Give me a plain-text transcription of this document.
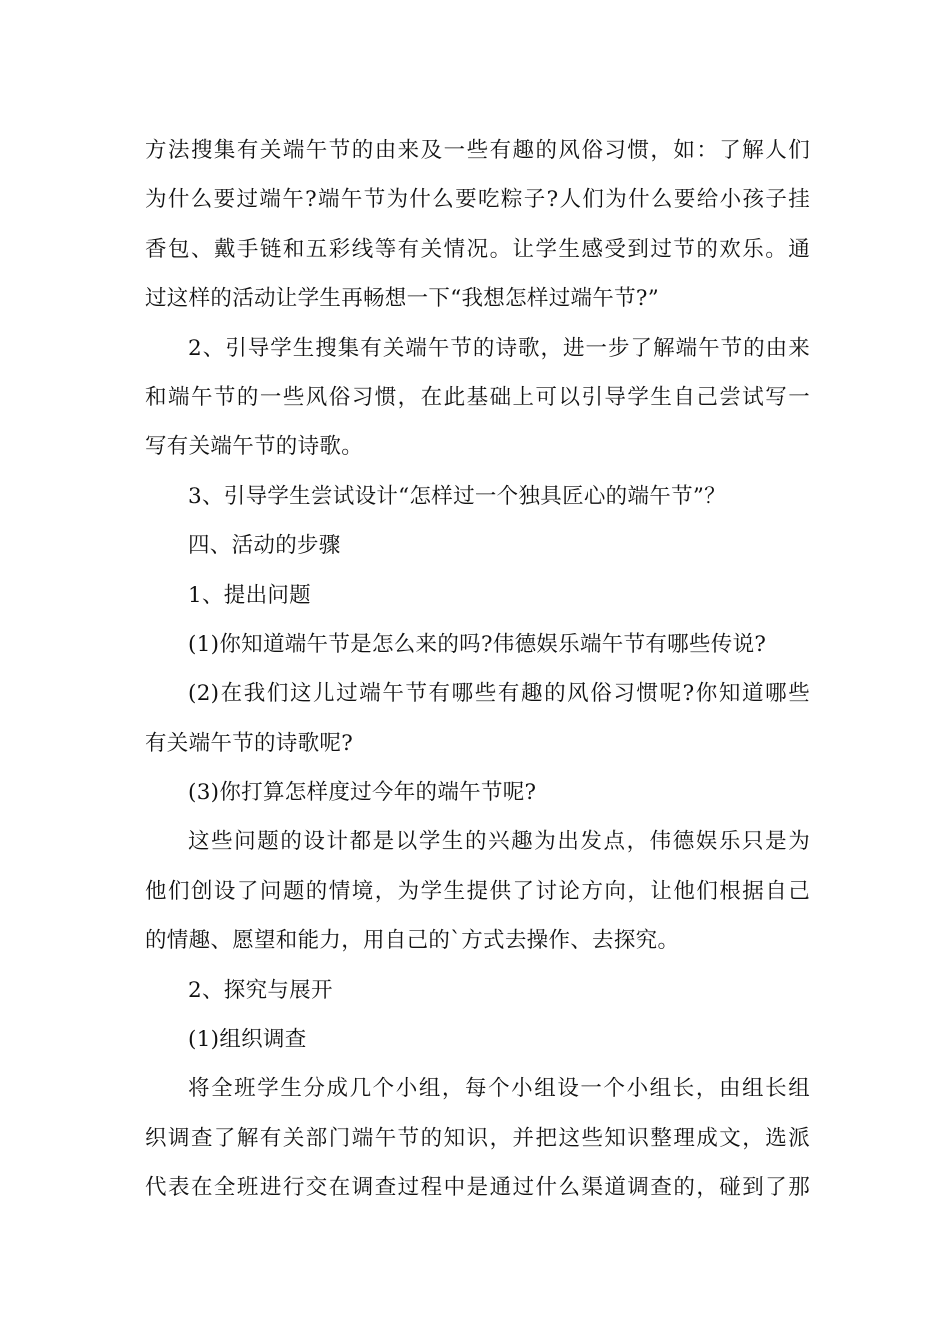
方法搜集有关端午节的由来及一些有趣的风俗习惯，如：了解人们
为什么要过端午?端午节为什么要吃粽子?人们为什么要给小孩子挂
香包、戴手链和五彩线等有关情况。让学生感受到过节的欢乐。通
过这样的活动让学生再畅想一下“我想怎样过端午节?”
2、引导学生搜集有关端午节的诗歌，进一步了解端午节的由来
和端午节的一些风俗习惯，在此基础上可以引导学生自己尝试写一
写有关端午节的诗歌。
3、引导学生尝试设计“怎样过一个独具匠心的端午节”？
四、活动的步骤
1、提出问题
(1)你知道端午节是怎么来的吗?伟德娱乐端午节有哪些传说?
(2)在我们这儿过端午节有哪些有趣的风俗习惯呢?你知道哪些
有关端午节的诗歌呢?
(3)你打算怎样度过今年的端午节呢?
这些问题的设计都是以学生的兴趣为出发点，伟德娱乐只是为
他们创设了问题的情境，为学生提供了讨论方向，让他们根据自己
的情趣、愿望和能力，用自己的`方式去操作、去探究。
2、探究与展开
(1)组织调查
将全班学生分成几个小组，每个小组设一个小组长，由组长组
织调查了解有关部门端午节的知识，并把这些知识整理成文，选派
代表在全班进行交在调查过程中是通过什么渠道调查的，碰到了那
